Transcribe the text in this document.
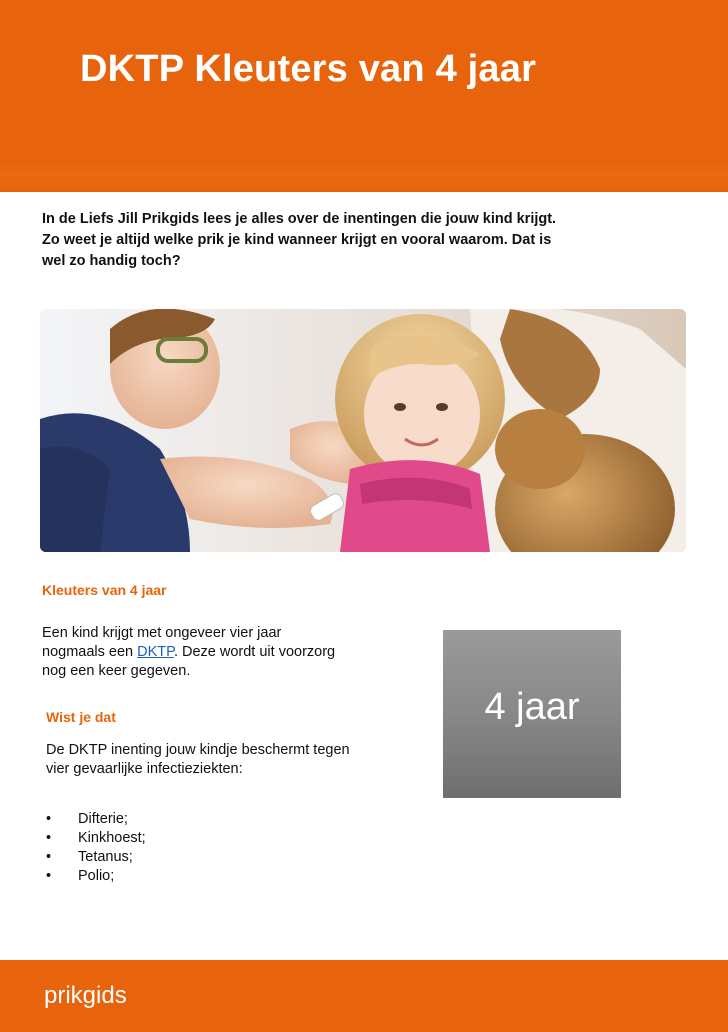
DKTP Kleuters van 4 jaar
In de Liefs Jill Prikgids lees je alles over de inentingen die jouw kind krijgt.
Zo weet je altijd welke prik je kind wanneer krijgt en vooral waarom. Dat is
wel zo handig toch?
Kleuters van 4 jaar
Een kind krijgt met ongeveer vier jaar nogmaals een DKTP. Deze wordt uit voorzorg nog een keer gegeven.
4 jaar
Wist je dat
De DKTP inenting jouw kindje beschermt tegen vier gevaarlijke infectieziekten:
• Difterie;
• Kinkhoest;
• Tetanus;
• Polio;
prikgids
